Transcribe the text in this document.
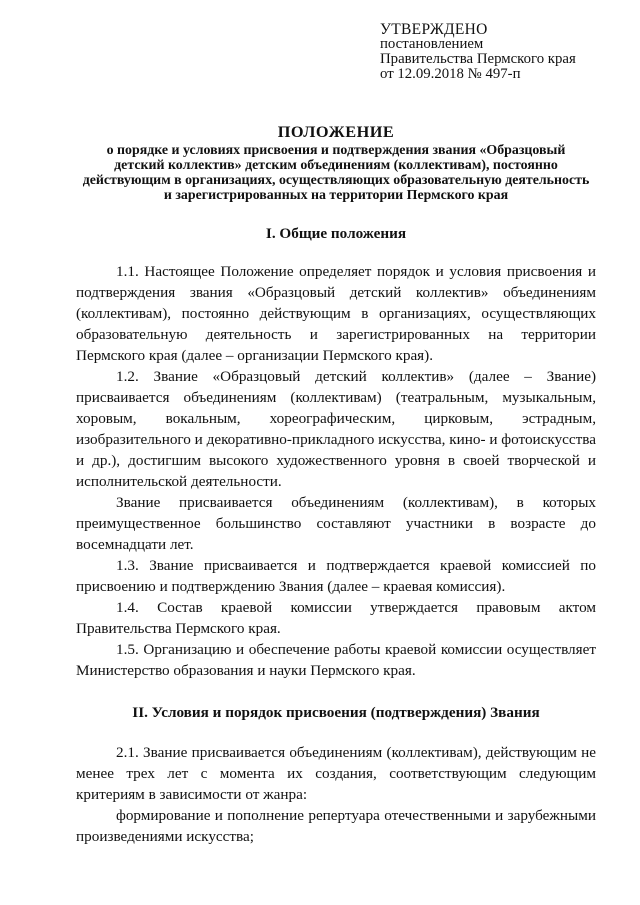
УТВЕРЖДЕНО
постановлением
Правительства Пермского края
от 12.09.2018 № 497-п
ПОЛОЖЕНИЕ
о порядке и условиях присвоения и подтверждения звания «Образцовый детский коллектив» детским объединениям (коллективам), постоянно действующим в организациях, осуществляющих образовательную деятельность и зарегистрированных на территории Пермского края
I. Общие положения

1.1. Настоящее Положение определяет порядок и условия присвоения и подтверждения звания «Образцовый детский коллектив» объединениям (коллективам), постоянно действующим в организациях, осуществляющих образовательную деятельность и зарегистрированных на территории Пермского края (далее – организации Пермского края).

1.2. Звание «Образцовый детский коллектив» (далее – Звание) присваивается объединениям (коллективам) (театральным, музыкальным, хоровым, вокальным, хореографическим, цирковым, эстрадным, изобразительного и декоративно-прикладного искусства, кино- и фотоискусства и др.), достигшим высокого художественного уровня в своей творческой и исполнительской деятельности.

Звание присваивается объединениям (коллективам), в которых преимущественное большинство составляют участники в возрасте до восемнадцати лет.

1.3. Звание присваивается и подтверждается краевой комиссией по присвоению и подтверждению Звания (далее – краевая комиссия).

1.4. Состав краевой комиссии утверждается правовым актом Правительства Пермского края.

1.5. Организацию и обеспечение работы краевой комиссии осуществляет Министерство образования и науки Пермского края.

II. Условия и порядок присвоения (подтверждения) Звания

2.1. Звание присваивается объединениям (коллективам), действующим не менее трех лет с момента их создания, соответствующим следующим критериям в зависимости от жанра:

формирование и пополнение репертуара отечественными и зарубежными произведениями искусства;
